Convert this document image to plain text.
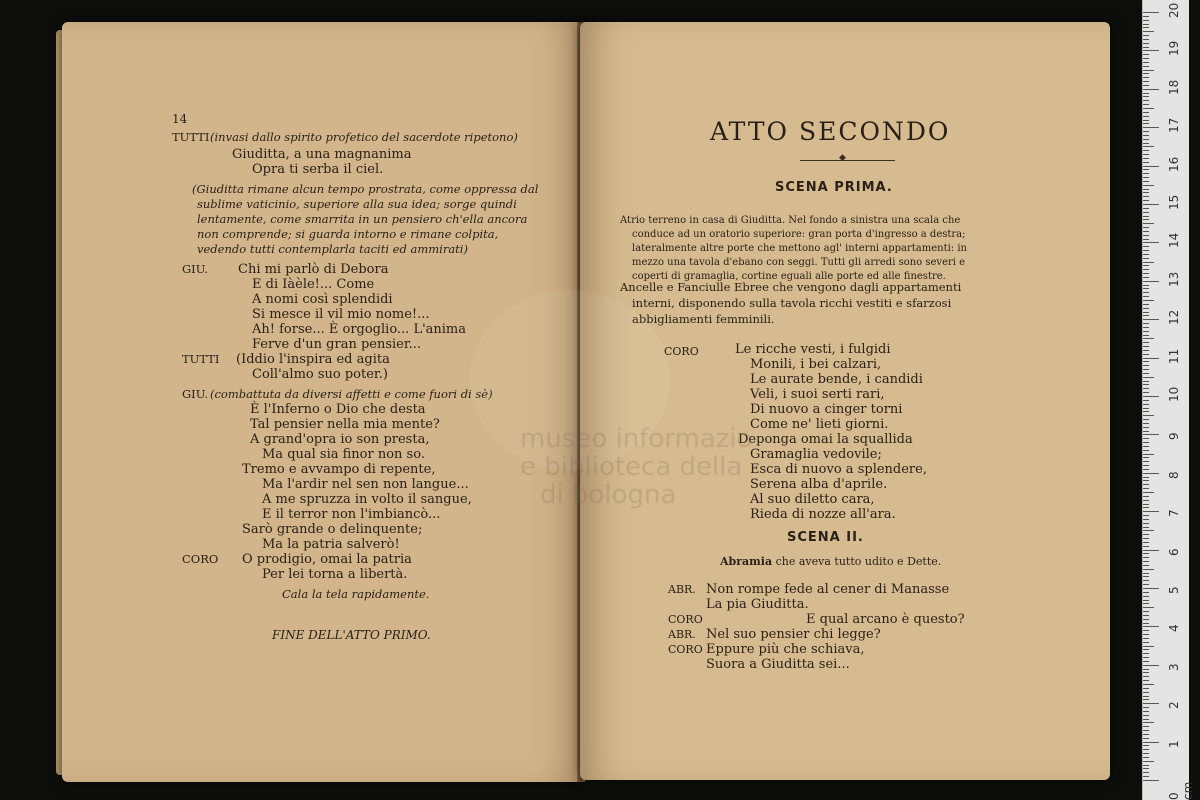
14
TUTTI (invasi dallo spirito profetico del sacerdote ripetono)
Giuditta, a una magnanima
Opra ti serba il ciel.
(Giuditta rimane alcun tempo prostrata, come oppressa dal
sublime vaticinio, superiore alla sua idea; sorge quindi
lentamente, come smarrita in un pensiero ch'ella ancora
non comprende; si guarda intorno e rimane colpita,
vedendo tutti contemplarla taciti ed ammirati)
GIU. Chi mi parlò di Debora
E di Iàèle!... Come
A nomi così splendidi
Si mesce il vil mio nome!...
Ah! forse... È orgoglio... L'anima
Ferve d'un gran pensier...
TUTTI (Iddio l'inspira ed agita
Coll'almo suo poter.)
GIU. (combattuta da diversi affetti e come fuori di sè)
È l'Inferno o Dio che desta
Tal pensier nella mia mente?
A grand'opra io son presta,
Ma qual sia finor non so.
Tremo e avvampo di repente,
Ma l'ardir nel sen non langue...
A me spruzza in volto il sangue,
E il terror non l'imbiancò...
Sarò grande o delinquente;
Ma la patria salverò!
CORO O prodigio, omai la patria
Per lei torna a libertà.
Cala la tela rapidamente.
FINE DELL'ATTO PRIMO.
ATTO SECONDO
◆
SCENA PRIMA.
Atrio terreno in casa di Giuditta. Nel fondo a sinistra una scala che
conduce ad un oratorio superiore: gran porta d'ingresso a destra;
lateralmente altre porte che mettono agl' interni appartamenti: in
mezzo una tavola d'ebano con seggi. Tutti gli arredi sono severi e
coperti di gramaglia, cortine eguali alle porte ed alle finestre.
Ancelle e Fanciulle Ebree che vengono dagli appartamenti
interni, disponendo sulla tavola ricchi vestiti e sfarzosi
abbigliamenti femminili.
CORO	Le ricche vesti, i fulgidi
Monili, i bei calzari,
Le aurate bende, i candidi
Veli, i suoi serti rari,
Di nuovo a cinger torni
Come ne' lieti giorni.
Deponga omai la squallida
Gramaglia vedovile;
Esca di nuovo a splendere,
Serena alba d'aprile.
Al suo diletto cara,
Rieda di nozze all'ara.
SCENA II.
Abramia che aveva tutto udito e Dette.
ABR. Non rompe fede al cener di Manasse
La pia Giuditta.
CORO	E qual arcano è questo?
ABR. Nel suo pensier chi legge?
CORO Eppure più che schiava,
Suora a Giuditta sei...
museo informazio
e biblioteca della
di bologna
0 cm
1
2
3
4
5
6
7
8
9
10
11
12
13
14
15
16
17
18
19
20
